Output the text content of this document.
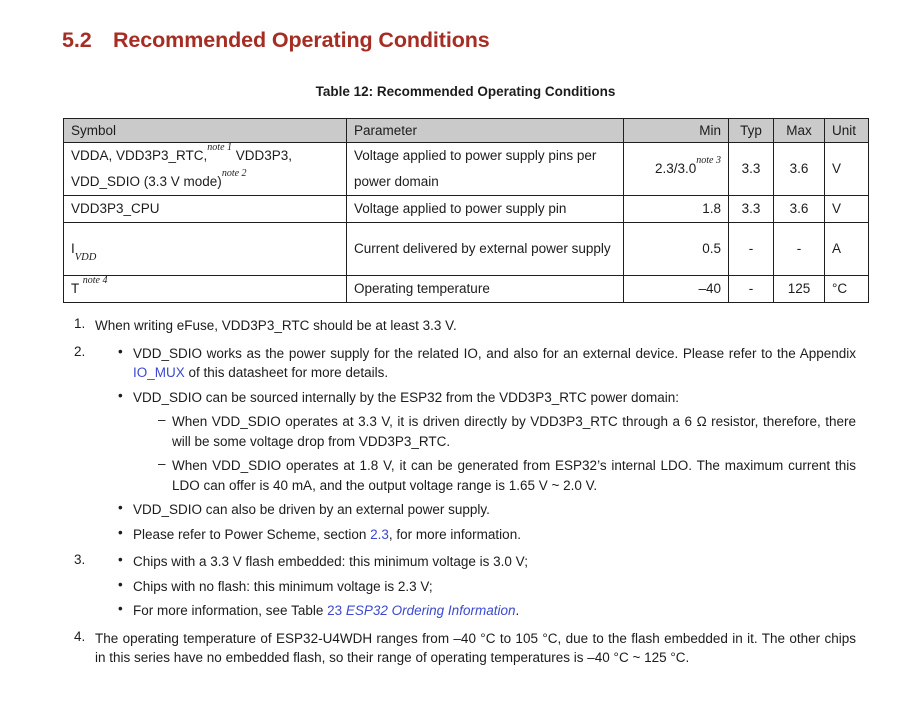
5.2 Recommended Operating Conditions
Table 12: Recommended Operating Conditions
Symbol	Parameter	Min	Typ	Max	Unit
VDDA, VDD3P3_RTC,$^{note 1}$ VDD3P3,
VDD_SDIO (3.3 V mode)$^{note 2}$	Voltage applied to power supply pins per power domain	2.3/3.0$^{note 3}$	3.3	3.6	V
VDD3P3_CPU	Voltage applied to power supply pin	1.8	3.3	3.6	V
$I_{VDD}$	Current delivered by external power supply	0.5	-	-	A
T $^{note 4}$	Operating temperature	–40	-	125	°C
1. When writing eFuse, VDD3P3_RTC should be at least 3.3 V.

2.	• VDD_SDIO works as the power supply for the related IO, and also for an external device. Please refer to the Appendix IO_MUX of this datasheet for more details.

• VDD_SDIO can be sourced internally by the ESP32 from the VDD3P3_RTC power domain:

– When VDD_SDIO operates at 3.3 V, it is driven directly by VDD3P3_RTC through a 6 Ω resistor, therefore, there will be some voltage drop from VDD3P3_RTC.

– When VDD_SDIO operates at 1.8 V, it can be generated from ESP32’s internal LDO. The maximum current this LDO can offer is 40 mA, and the output voltage range is 1.65 V ~ 2.0 V.

• VDD_SDIO can also be driven by an external power supply.

• Please refer to Power Scheme, section 2.3, for more information.

3.	• Chips with a 3.3 V flash embedded: this minimum voltage is 3.0 V;

• Chips with no flash: this minimum voltage is 2.3 V;

• For more information, see Table 23 ESP32 Ordering Information.

4. The operating temperature of ESP32-U4WDH ranges from –40 °C to 105 °C, due to the flash embedded in it. The other chips in this series have no embedded flash, so their range of operating temperatures is –40 °C ~ 125 °C.
